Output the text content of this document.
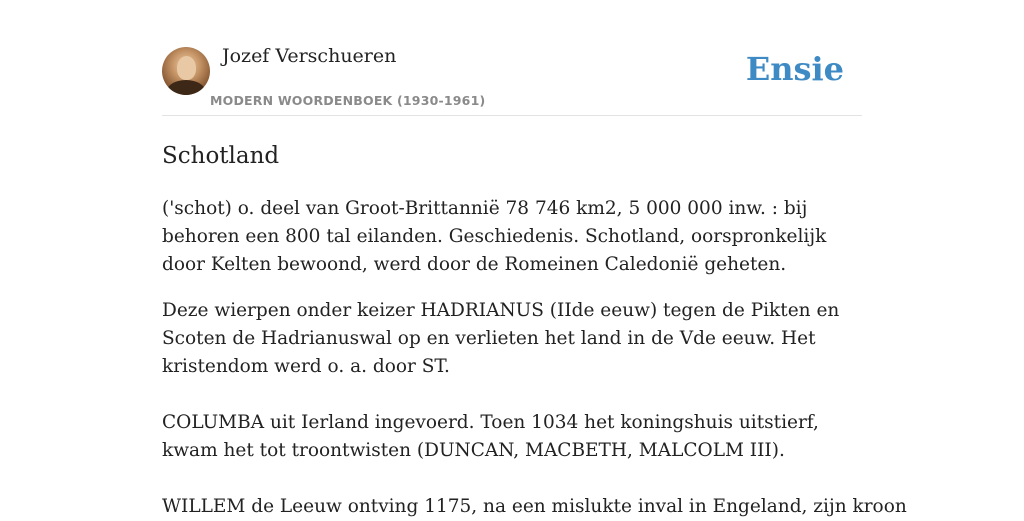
Jozef Verschueren
MODERN WOORDENBOEK (1930-1961)
Ensie
Schotland

('schot) o. deel van Groot-Brittannië 78 746 km2, 5 000 000 inw. : bij behoren een 800 tal eilanden. Geschiedenis. Schotland, oorspronkelijk door Kelten bewoond, werd door de Romeinen Caledonië geheten.

Deze wierpen onder keizer HADRIANUS (IIde eeuw) tegen de Pikten en Scoten de Hadrianuswal op en verlieten het land in de Vde eeuw. Het kristendom werd o. a. door ST.

COLUMBA uit Ierland ingevoerd. Toen 1034 het koningshuis uitstierf, kwam het tot troontwisten (DUNCAN, MACBETH, MALCOLM III).

WILLEM de Leeuw ontving 1175, na een mislukte inval in Engeland, zijn kroon
